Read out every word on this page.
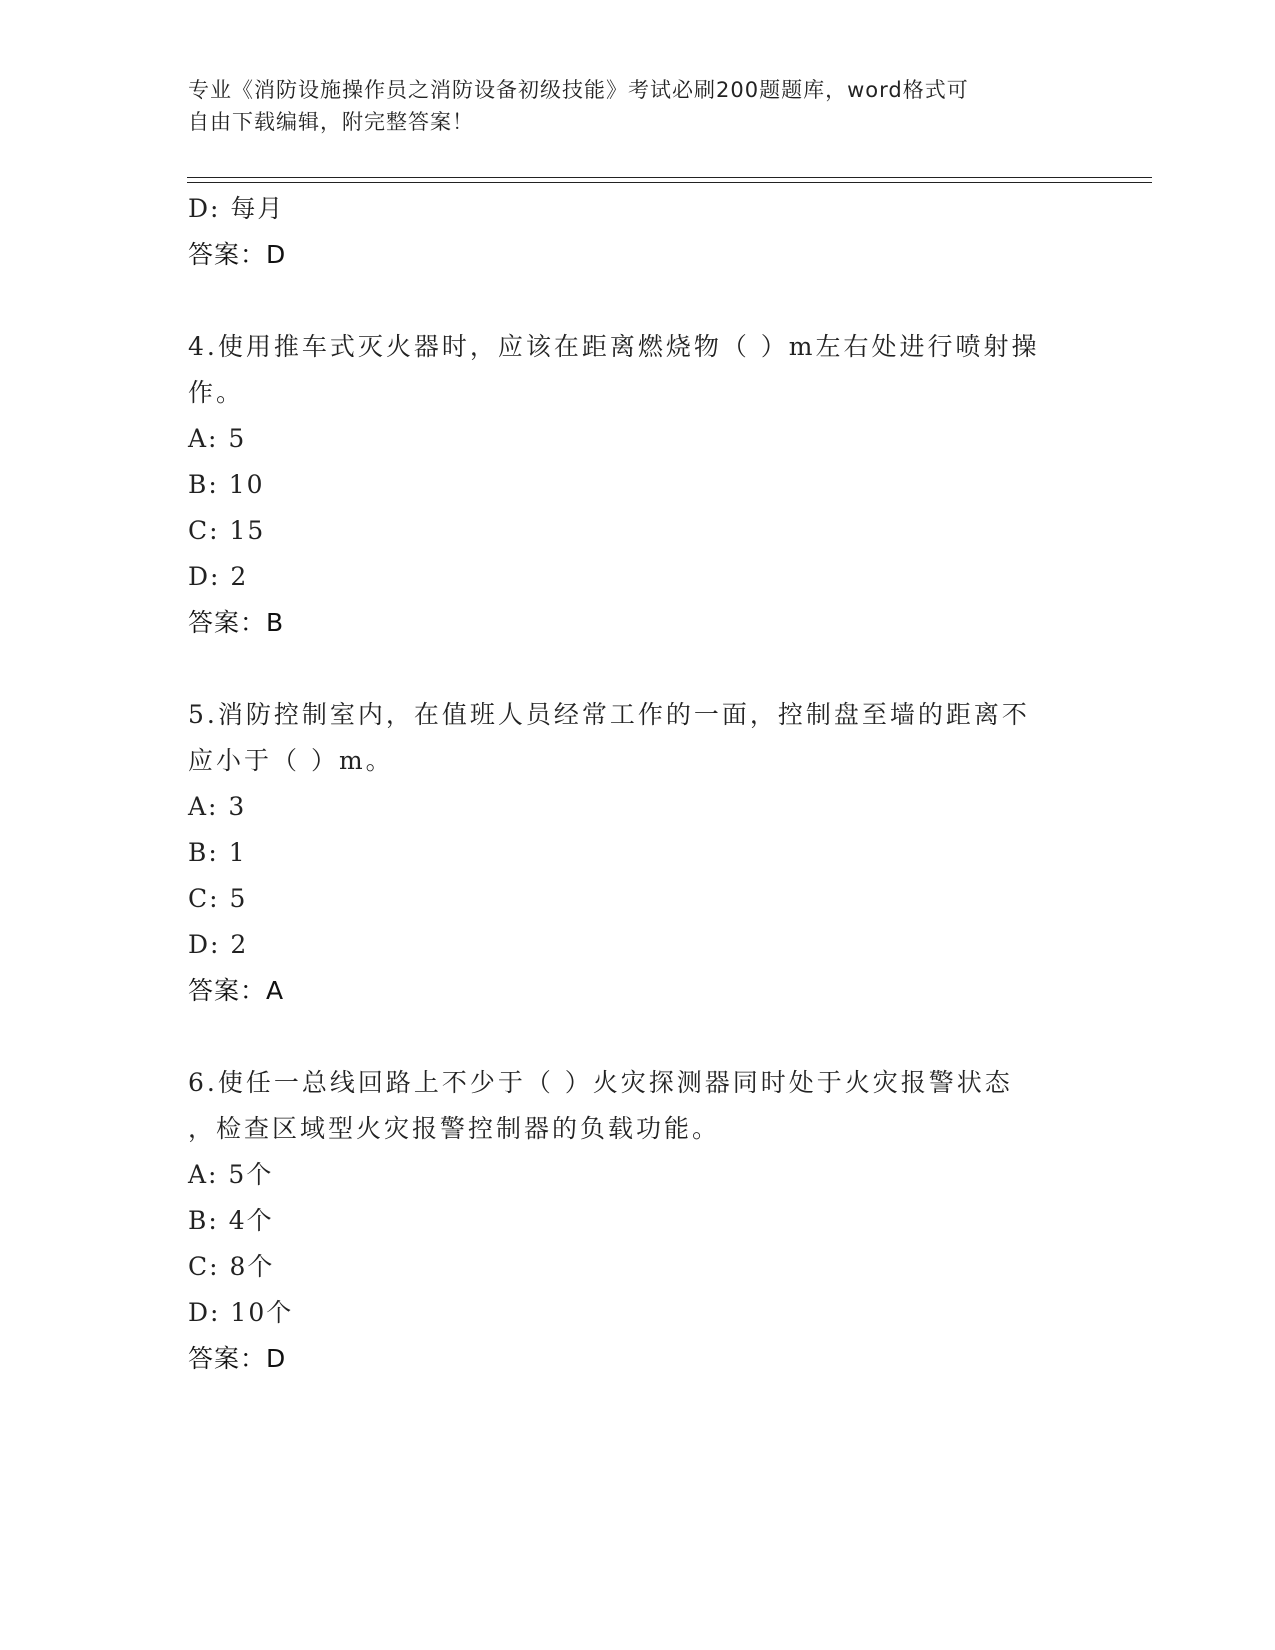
专业《消防设施操作员之消防设备初级技能》考试必刷200题题库，word格式可
自由下载编辑，附完整答案！
D: 每月
答案：D
4.使用推车式灭火器时，应该在距离燃烧物（ ）m左右处进行喷射操
作。
A: 5
B: 10
C: 15
D: 2
答案：B
5.消防控制室内，在值班人员经常工作的一面，控制盘至墙的距离不
应小于（ ）m。
A: 3
B: 1
C: 5
D: 2
答案：A
6.使任一总线回路上不少于（ ）火灾探测器同时处于火灾报警状态
，检查区域型火灾报警控制器的负载功能。
A: 5个
B: 4个
C: 8个
D: 10个
答案：D
